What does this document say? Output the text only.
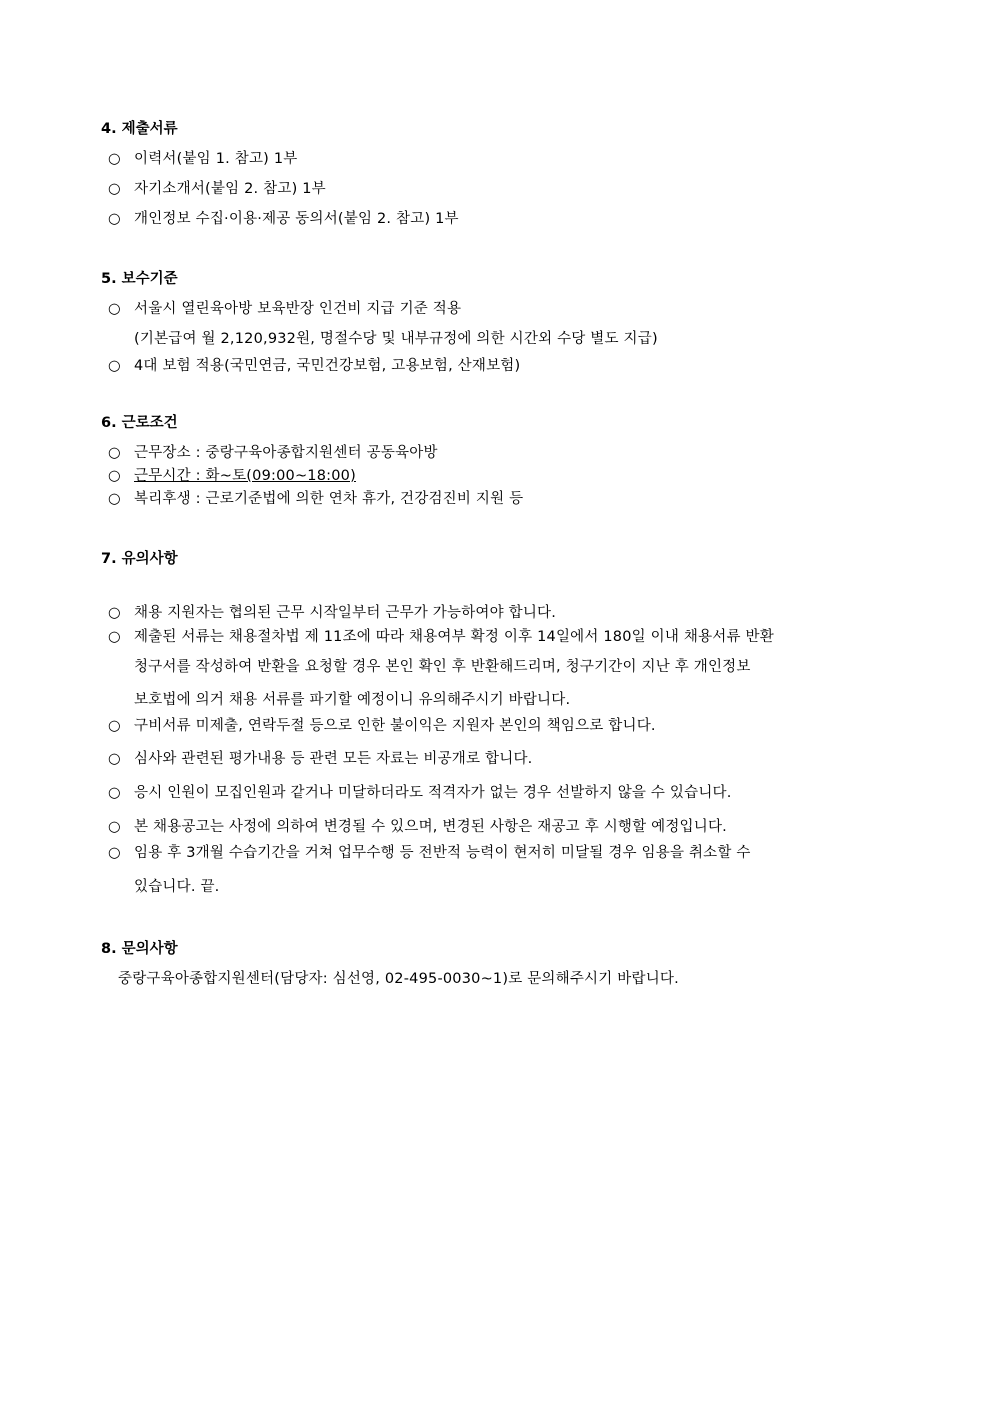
4. 제출서류
○ 이력서(붙임 1. 참고) 1부
○ 자기소개서(붙임 2. 참고) 1부
○ 개인정보 수집·이용·제공 동의서(붙임 2. 참고) 1부
5. 보수기준
○ 서울시 열린육아방 보육반장 인건비 지급 기준 적용
(기본급여 월 2,120,932원, 명절수당 및 내부규정에 의한 시간외 수당 별도 지급)
○ 4대 보험 적용(국민연금, 국민건강보험, 고용보험, 산재보험)
6. 근로조건
○ 근무장소 : 중랑구육아종합지원센터 공동육아방
○ 근무시간 : 화~토(09:00~18:00)
○ 복리후생 : 근로기준법에 의한 연차 휴가, 건강검진비 지원 등
7. 유의사항
○ 채용 지원자는 협의된 근무 시작일부터 근무가 가능하여야 합니다.
○ 제출된 서류는 채용절차법 제 11조에 따라 채용여부 확정 이후 14일에서 180일 이내 채용서류 반환
청구서를 작성하여 반환을 요청할 경우 본인 확인 후 반환해드리며, 청구기간이 지난 후 개인정보
보호법에 의거 채용 서류를 파기할 예정이니 유의해주시기 바랍니다.
○ 구비서류 미제출, 연락두절 등으로 인한 불이익은 지원자 본인의 책임으로 합니다.
○ 심사와 관련된 평가내용 등 관련 모든 자료는 비공개로 합니다.
○ 응시 인원이 모집인원과 같거나 미달하더라도 적격자가 없는 경우 선발하지 않을 수 있습니다.
○ 본 채용공고는 사정에 의하여 변경될 수 있으며, 변경된 사항은 재공고 후 시행할 예정입니다.
○ 임용 후 3개월 수습기간을 거쳐 업무수행 등 전반적 능력이 현저히 미달될 경우 임용을 취소할 수
있습니다. 끝.
8. 문의사항
중랑구육아종합지원센터(담당자: 심선영, 02-495-0030~1)로 문의해주시기 바랍니다.
